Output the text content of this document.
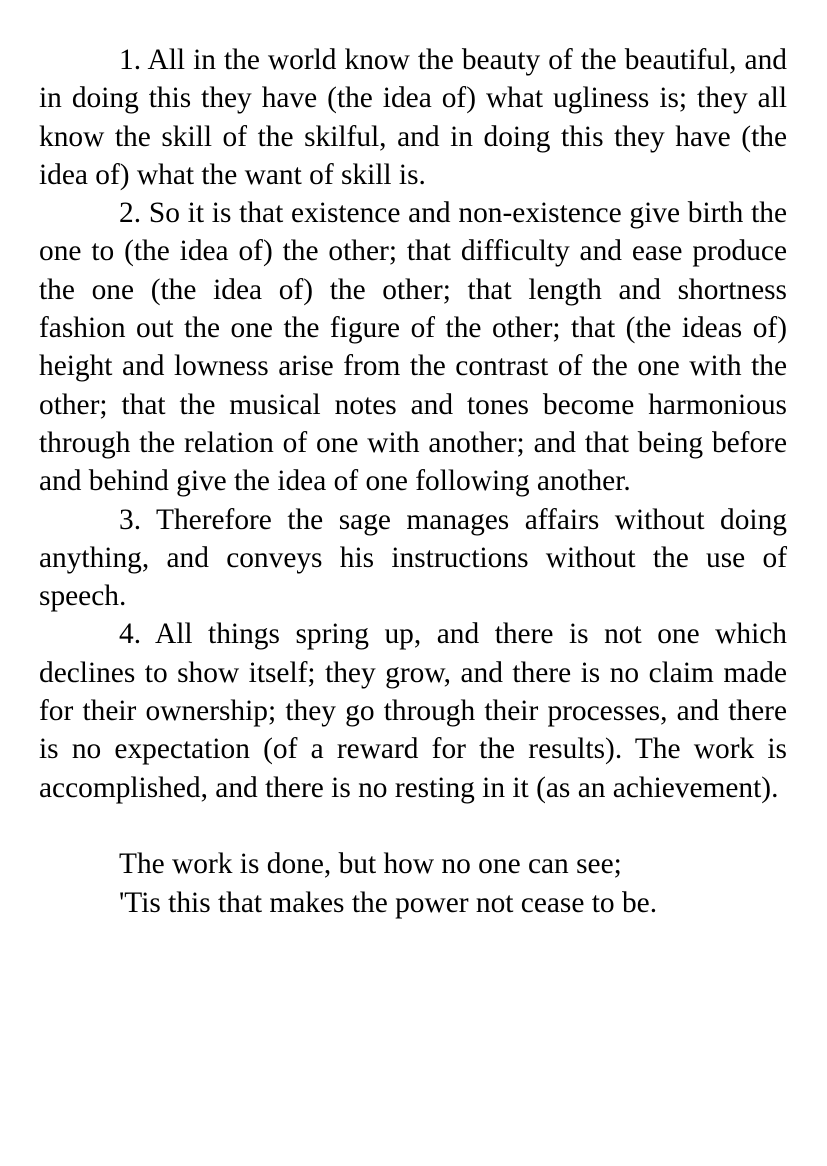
1. All in the world know the beauty of the beautiful, and in doing this they have (the idea of) what ugliness is; they all know the skill of the skilful, and in doing this they have (the idea of) what the want of skill is.

2. So it is that existence and non-existence give birth the one to (the idea of) the other; that difficulty and ease produce the one (the idea of) the other; that length and shortness fashion out the one the figure of the other; that (the ideas of) height and lowness arise from the contrast of the one with the other; that the musical notes and tones become harmonious through the relation of one with another; and that being before and behind give the idea of one following another.

3. Therefore the sage manages affairs without doing anything, and conveys his instructions without the use of speech.

4. All things spring up, and there is not one which declines to show itself; they grow, and there is no claim made for their ownership; they go through their processes, and there is no expectation (of a reward for the results). The work is accomplished, and there is no resting in it (as an achievement).

The work is done, but how no one can see;

'Tis this that makes the power not cease to be.
